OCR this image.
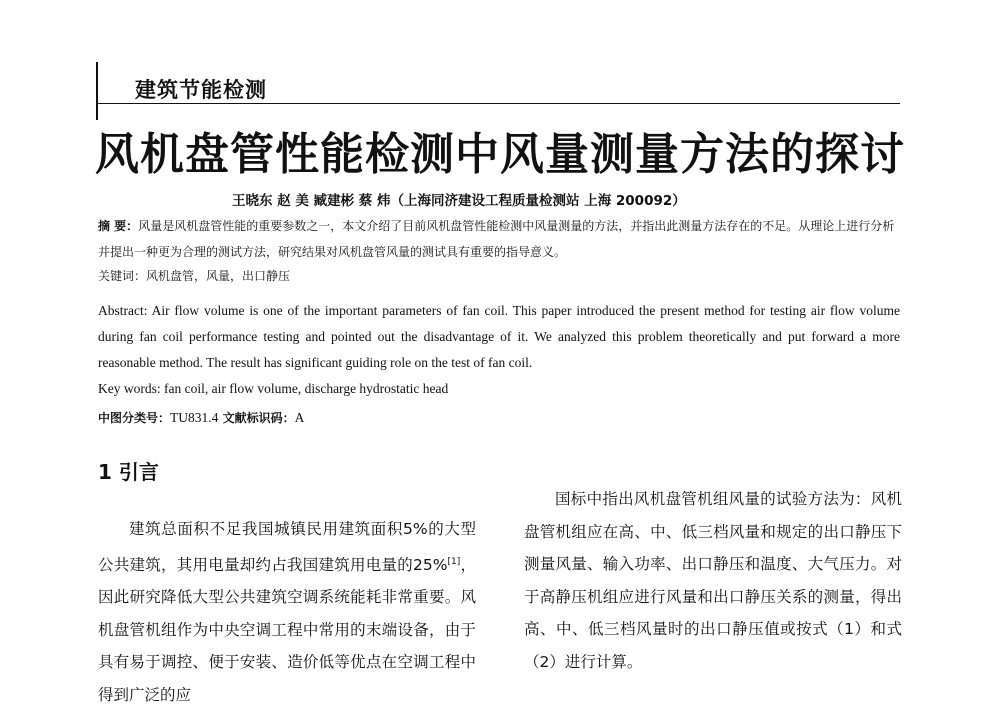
建筑节能检测
风机盘管性能检测中风量测量方法的探讨
王晓东 赵 美 臧建彬 蔡 炜（上海同济建设工程质量检测站 上海 200092）
摘 要：风量是风机盘管性能的重要参数之一，本文介绍了目前风机盘管性能检测中风量测量的方法，并指出此测量方法存在的不足。从理论上进行分析并提出一种更为合理的测试方法，研究结果对风机盘管风量的测试具有重要的指导意义。
关键词：风机盘管，风量，出口静压
Abstract: Air flow volume is one of the important parameters of fan coil. This paper introduced the present method for testing air flow volume during fan coil performance testing and pointed out the disadvantage of it. We analyzed this problem theoretically and put forward a more reasonable method. The result has significant guiding role on the test of fan coil.
Key words: fan coil, air flow volume, discharge hydrostatic head
中图分类号：TU831.4 文献标识码：A
1 引言
建筑总面积不足我国城镇民用建筑面积5%的大型公共建筑，其用电量却约占我国建筑用电量的25%[1]，因此研究降低大型公共建筑空调系统能耗非常重要。风机盘管机组作为中央空调工程中常用的末端设备，由于具有易于调控、便于安装、造价低等优点在空调工程中得到广泛的应
国标中指出风机盘管机组风量的试验方法为：风机盘管机组应在高、中、低三档风量和规定的出口静压下测量风量、输入功率、出口静压和温度、大气压力。对于高静压机组应进行风量和出口静压关系的测量，得出高、中、低三档风量时的出口静压值或按式（1）和式（2）进行计算。
